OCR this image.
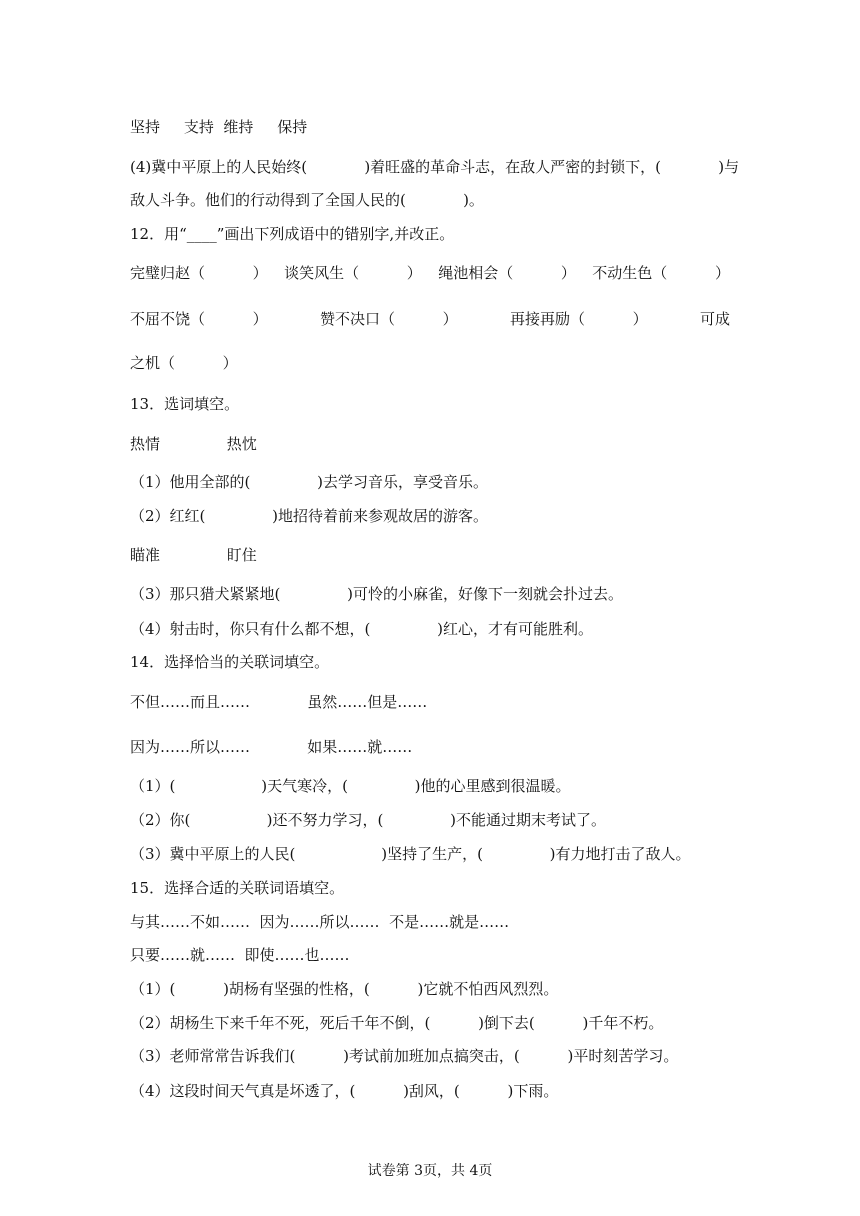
坚持     支持  维持     保持
(4)冀中平原上的人民始终(            )着旺盛的革命斗志，在敌人严密的封锁下，(            )与
敌人斗争。他们的行动得到了全国人民的(            )。
12．用“____”画出下列成语中的错别字,并改正。
完璧归赵（          ） 谈笑风生（          ） 绳池相会（          ） 不动生色（          ）
不屈不饶（          ）	赞不决口（          ）	再接再励（          ）	可成
之机（          ）
13．选词填空。
热情              热忱
（1）他用全部的(              )去学习音乐，享受音乐。
（2）红红(              )地招待着前来参观故居的游客。
瞄准              盯住
（3）那只猎犬紧紧地(              )可怜的小麻雀，好像下一刻就会扑过去。
（4）射击时，你只有什么都不想，(              )红心，才有可能胜利。
14．选择恰当的关联词填空。
不但……而且……            虽然……但是……
因为……所以……            如果……就……
（1）(                  )天气寒冷，(              )他的心里感到很温暖。
（2）你(                )还不努力学习，(              )不能通过期末考试了。
（3）冀中平原上的人民(                  )坚持了生产，(              )有力地打击了敌人。
15．选择合适的关联词语填空。
与其……不如……  因为……所以……  不是……就是……
只要……就……  即使……也……
（1）(          )胡杨有坚强的性格，(          )它就不怕西风烈烈。
（2）胡杨生下来千年不死，死后千年不倒，(          )倒下去(          )千年不朽。
（3）老师常常告诉我们(          )考试前加班加点搞突击，(          )平时刻苦学习。
（4）这段时间天气真是坏透了，(          )刮风，(          )下雨。
试卷第 3页，共 4页
